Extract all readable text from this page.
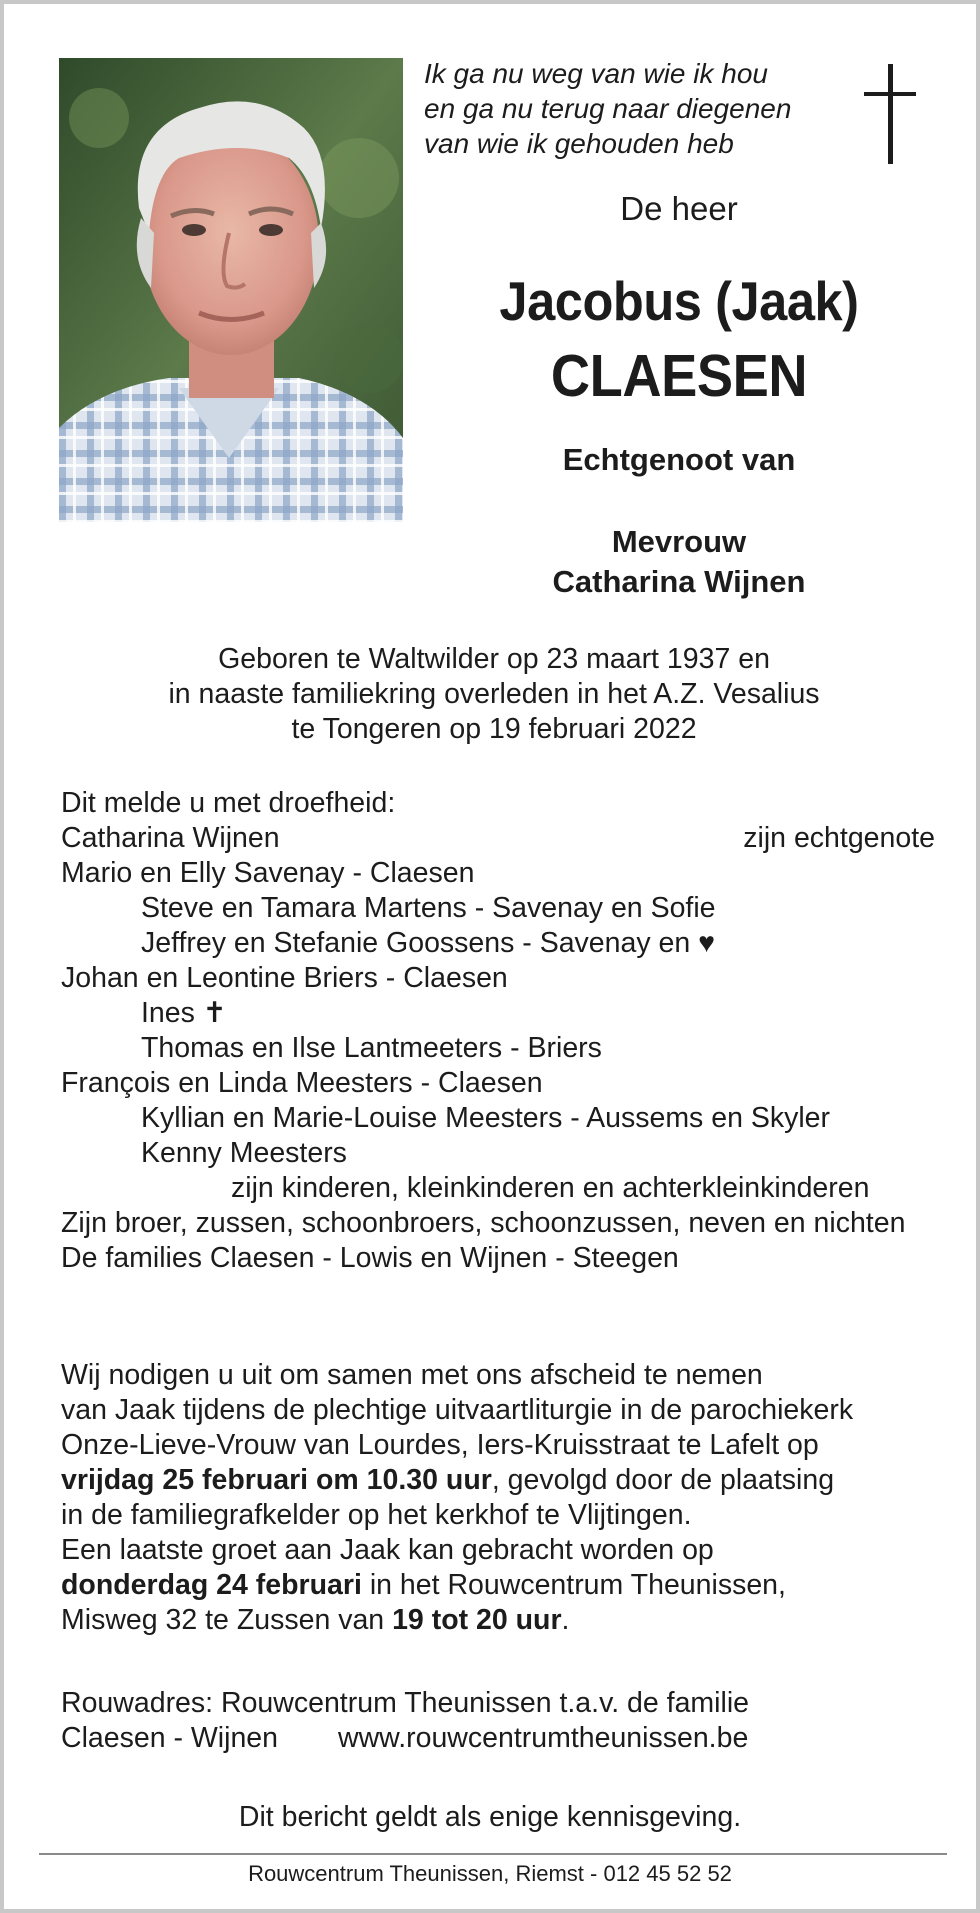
Ik ga nu weg van wie ik hou
en ga nu terug naar diegenen
van wie ik gehouden heb
De heer
Jacobus (Jaak)
CLAESEN
Echtgenoot van
Mevrouw
Catharina Wijnen
Geboren te Waltwilder op 23 maart 1937 en
in naaste familiekring overleden in het A.Z. Vesalius
te Tongeren op 19 februari 2022
Dit melde u met droefheid:
Catharina Wijnen	zijn echtgenote
Mario en Elly Savenay - Claesen
Steve en Tamara Martens - Savenay en Sofie
Jeffrey en Stefanie Goossens - Savenay en ♥
Johan en Leontine Briers - Claesen
Ines ✝
Thomas en Ilse Lantmeeters - Briers
François en Linda Meesters - Claesen
Kyllian en Marie-Louise Meesters - Aussems en Skyler
Kenny Meesters
zijn kinderen, kleinkinderen en achterkleinkinderen
Zijn broer, zussen, schoonbroers, schoonzussen, neven en nichten
De families Claesen - Lowis en Wijnen - Steegen
Wij nodigen u uit om samen met ons afscheid te nemen
van Jaak tijdens de plechtige uitvaartliturgie in de parochiekerk
Onze-Lieve-Vrouw van Lourdes, Iers-Kruisstraat te Lafelt op
vrijdag 25 februari om 10.30 uur, gevolgd door de plaatsing
in de familiegrafkelder op het kerkhof te Vlijtingen.
Een laatste groet aan Jaak kan gebracht worden op
donderdag 24 februari in het Rouwcentrum Theunissen,
Misweg 32 te Zussen van 19 tot 20 uur.
Rouwadres: Rouwcentrum Theunissen t.a.v. de familie
Claesen - Wijnen www.rouwcentrumtheunissen.be
Dit bericht geldt als enige kennisgeving.
Rouwcentrum Theunissen, Riemst - 012 45 52 52
